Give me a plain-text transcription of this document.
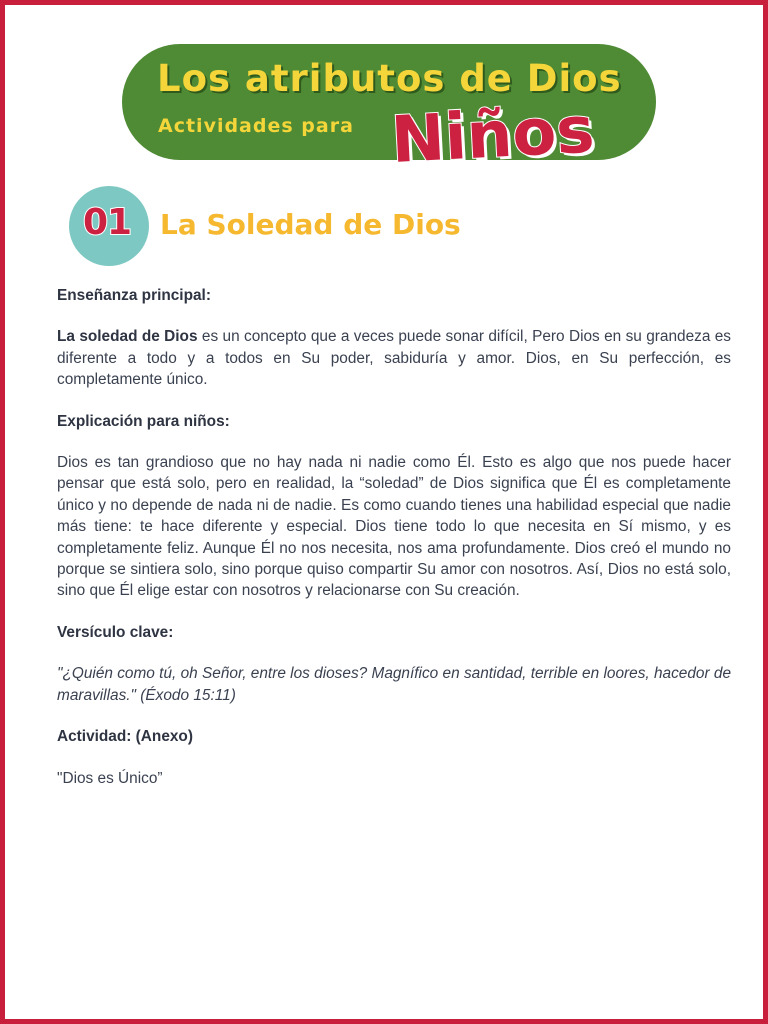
Los atributos de Dios
Actividades para Niños
01 La Soledad de Dios

Enseñanza principal:

La soledad de Dios es un concepto que a veces puede sonar difícil, Pero Dios en su grandeza es diferente a todo y a todos en Su poder, sabiduría y amor. Dios, en Su perfección, es completamente único.

Explicación para niños:

Dios es tan grandioso que no hay nada ni nadie como Él. Esto es algo que nos puede hacer pensar que está solo, pero en realidad, la “soledad” de Dios significa que Él es completamente único y no depende de nada ni de nadie. Es como cuando tienes una habilidad especial que nadie más tiene: te hace diferente y especial. Dios tiene todo lo que necesita en Sí mismo, y es completamente feliz. Aunque Él no nos necesita, nos ama profundamente. Dios creó el mundo no porque se sintiera solo, sino porque quiso compartir Su amor con nosotros. Así, Dios no está solo, sino que Él elige estar con nosotros y relacionarse con Su creación.

Versículo clave:

"¿Quién como tú, oh Señor, entre los dioses? Magnífico en santidad, terrible en loores, hacedor de maravillas." (Éxodo 15:11)

Actividad: (Anexo)

"Dios es Único”
